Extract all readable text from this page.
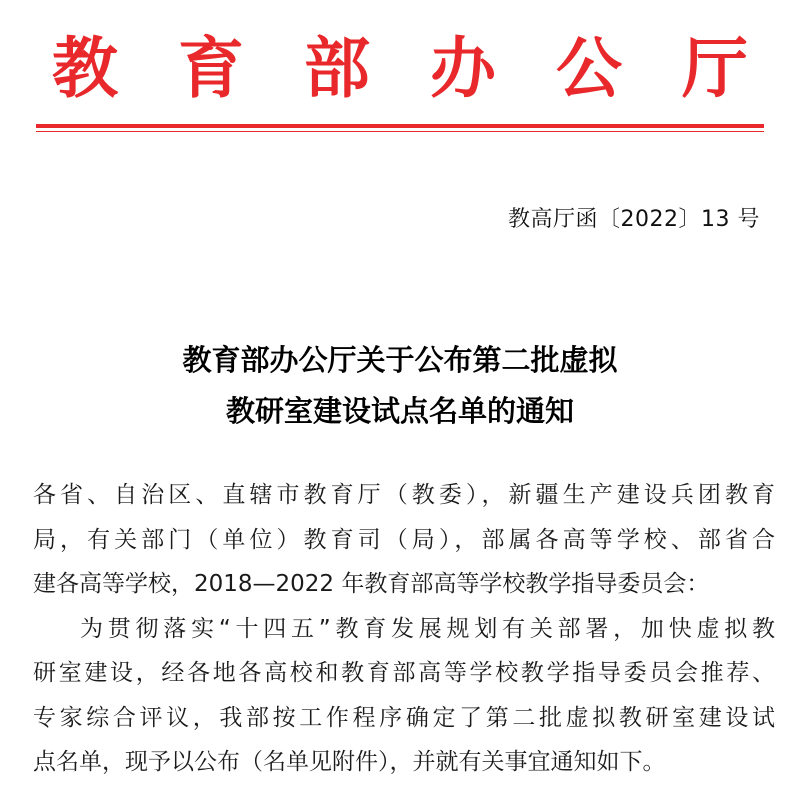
教 育 部 办 公 厅
教高厅函〔2022〕13 号
教育部办公厅关于公布第二批虚拟
教研室建设试点名单的通知
各省、自治区、直辖市教育厅（教委），新疆生产建设兵团教育
局，有关部门（单位）教育司（局），部属各高等学校、部省合
建各高等学校，2018—2022 年教育部高等学校教学指导委员会：
为贯彻落实“十四五”教育发展规划有关部署，加快虚拟教
研室建设，经各地各高校和教育部高等学校教学指导委员会推荐、
专家综合评议，我部按工作程序确定了第二批虚拟教研室建设试
点名单，现予以公布（名单见附件），并就有关事宜通知如下。
